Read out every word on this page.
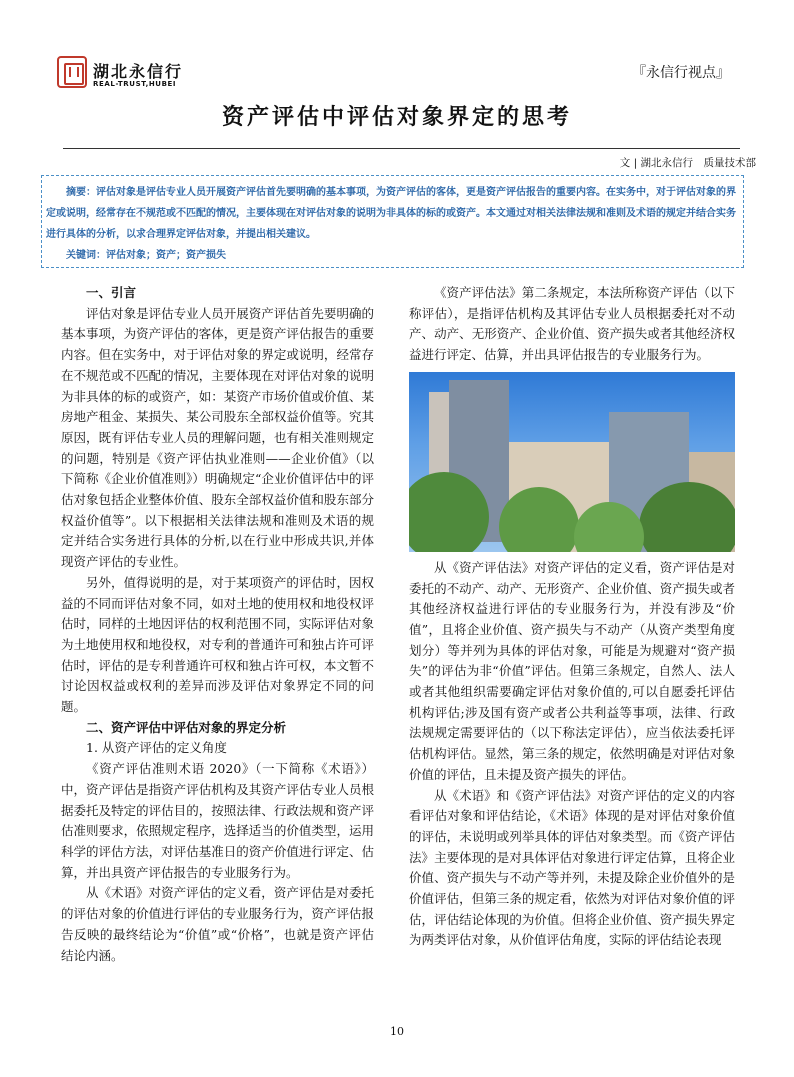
湖北永信行
REAL-TRUST,HUBEI
『永信行视点』
资产评估中评估对象界定的思考
文 | 湖北永信行　质量技术部

摘要：评估对象是评估专业人员开展资产评估首先要明确的基本事项，为资产评估的客体，更是资产评估报告的重要内容。在实务中，对于评估对象的界定或说明，经常存在不规范或不匹配的情况，主要体现在对评估对象的说明为非具体的标的或资产。本文通过对相关法律法规和准则及术语的规定并结合实务进行具体的分析，以求合理界定评估对象，并提出相关建议。

关键词：评估对象；资产；资产损失

一、引言

评估对象是评估专业人员开展资产评估首先要明确的基本事项，为资产评估的客体，更是资产评估报告的重要内容。但在实务中，对于评估对象的界定或说明，经常存在不规范或不匹配的情况，主要体现在对评估对象的说明为非具体的标的或资产，如：某资产市场价值或价值、某房地产租金、某损失、某公司股东全部权益价值等。究其原因，既有评估专业人员的理解问题，也有相关准则规定的问题，特别是《资产评估执业准则——企业价值》（以下简称《企业价值准则》）明确规定“企业价值评估中的评估对象包括企业整体价值、股东全部权益价值和股东部分权益价值等”。以下根据相关法律法规和准则及术语的规定并结合实务进行具体的分析,以在行业中形成共识,并体现资产评估的专业性。

另外，值得说明的是，对于某项资产的评估时，因权益的不同而评估对象不同，如对土地的使用权和地役权评估时，同样的土地因评估的权利范围不同，实际评估对象为土地使用权和地役权，对专利的普通许可和独占许可评估时，评估的是专利普通许可权和独占许可权，本文暂不讨论因权益或权利的差异而涉及评估对象界定不同的问题。

二、资产评估中评估对象的界定分析
1. 从资产评估的定义角度

《资产评估准则术语 2020》（一下简称《术语》）中，资产评估是指资产评估机构及其资产评估专业人员根据委托及特定的评估目的，按照法律、行政法规和资产评估准则要求，依照规定程序，选择适当的价值类型，运用科学的评估方法，对评估基准日的资产价值进行评定、估算，并出具资产评估报告的专业服务行为。

从《术语》对资产评估的定义看，资产评估是对委托的评估对象的价值进行评估的专业服务行为，资产评估报告反映的最终结论为“价值”或“价格”，也就是资产评估结论内涵。

《资产评估法》第二条规定，本法所称资产评估（以下称评估），是指评估机构及其评估专业人员根据委托对不动产、动产、无形资产、企业价值、资产损失或者其他经济权益进行评定、估算，并出具评估报告的专业服务行为。

从《资产评估法》对资产评估的定义看，资产评估是对委托的不动产、动产、无形资产、企业价值、资产损失或者其他经济权益进行评估的专业服务行为，并没有涉及“价值”，且将企业价值、资产损失与不动产（从资产类型角度划分）等并列为具体的评估对象，可能是为规避对“资产损失”的评估为非“价值”评估。但第三条规定，自然人、法人或者其他组织需要确定评估对象价值的,可以自愿委托评估机构评估;涉及国有资产或者公共利益等事项，法律、行政法规规定需要评估的（以下称法定评估），应当依法委托评估机构评估。显然，第三条的规定，依然明确是对评估对象价值的评估，且未提及资产损失的评估。

从《术语》和《资产评估法》对资产评估的定义的内容看评估对象和评估结论，《术语》体现的是对评估对象价值的评估，未说明或列举具体的评估对象类型。而《资产评估法》主要体现的是对具体评估对象进行评定估算，且将企业价值、资产损失与不动产等并列，未提及除企业价值外的是价值评估，但第三条的规定看，依然为对评估对象价值的评估，评估结论体现的为价值。但将企业价值、资产损失界定为两类评估对象，从价值评估角度，实际的评估结论表现

10
